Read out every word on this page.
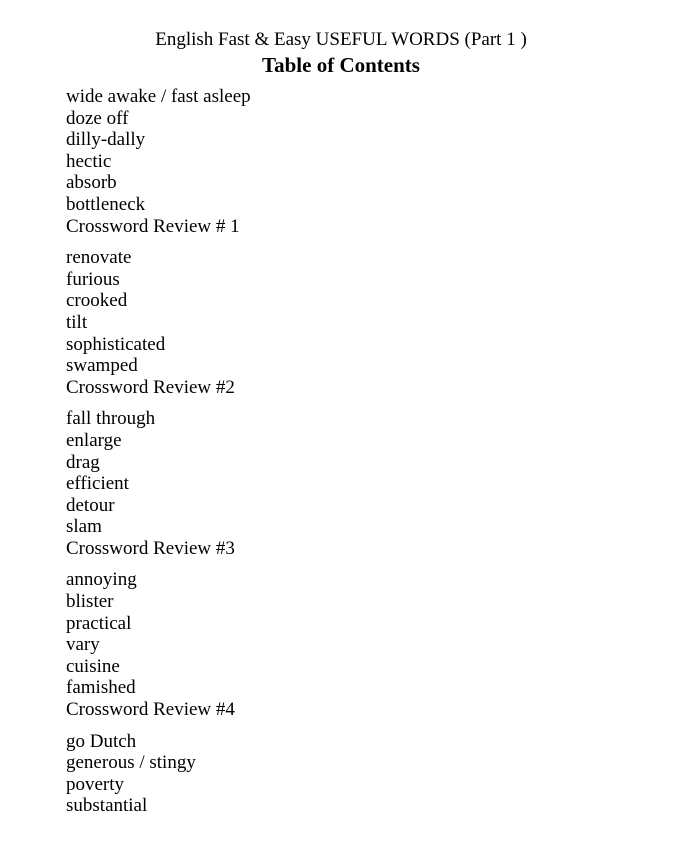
English Fast & Easy USEFUL WORDS (Part 1 )
Table of Contents
wide awake / fast asleep
doze off
dilly-dally
hectic
absorb
bottleneck
Crossword Review # 1
renovate
furious
crooked
tilt
sophisticated
swamped
Crossword Review #2
fall through
enlarge
drag
efficient
detour
slam
Crossword Review #3
annoying
blister
practical
vary
cuisine
famished
Crossword Review #4
go Dutch
generous / stingy
poverty
substantial
